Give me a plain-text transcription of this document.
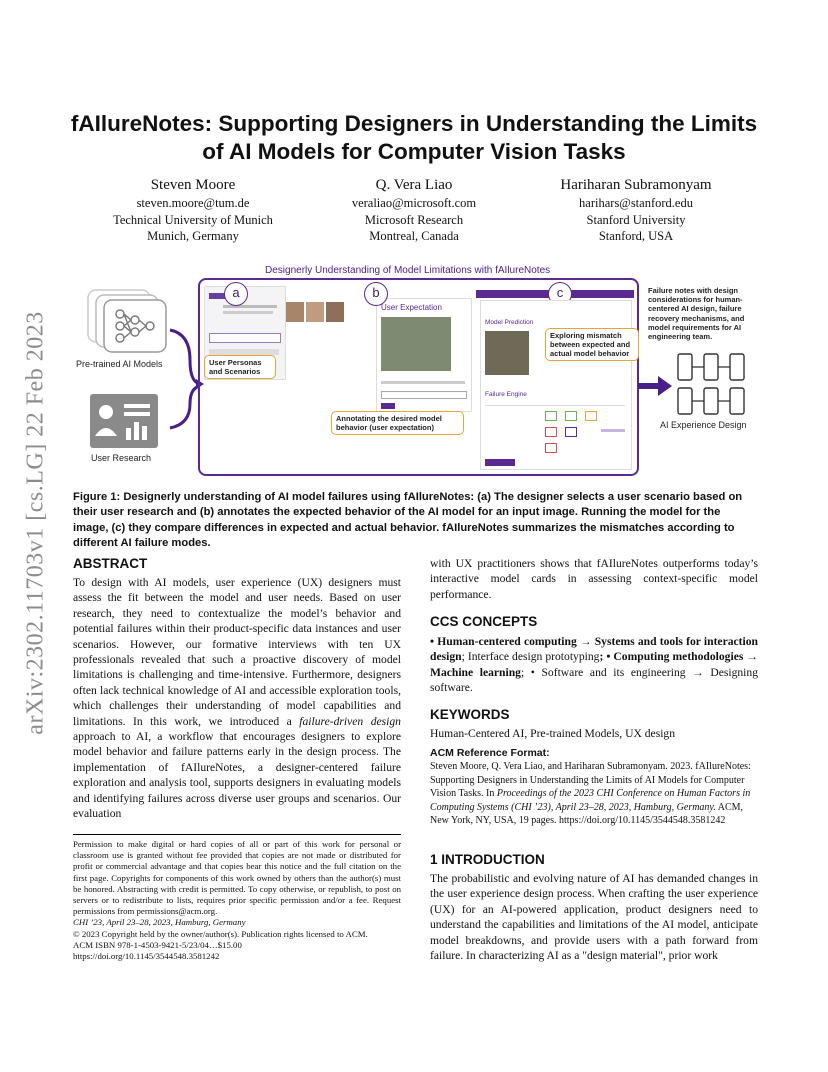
arXiv:2302.11703v1 [cs.LG] 22 Feb 2023
fAIlureNotes: Supporting Designers in Understanding the Limits
of AI Models for Computer Vision Tasks
Steven Moore
steven.moore@tum.de
Technical University of Munich
Munich, Germany
Q. Vera Liao
veraliao@microsoft.com
Microsoft Research
Montreal, Canada
Hariharan Subramonyam
harihars@stanford.edu
Stanford University
Stanford, USA
Designerly Understanding of Model Limitations with fAIlureNotes
Pre-trained AI Models
User Research
a
User Personas and Scenarios
User Expectation
b
Annotating the desired model behavior (user expectation)
c
Model Prediction
Failure Engine
Exploring mismatch between expected and actual model behavior
Failure notes with design considerations for human-centered AI design, failure recovery mechanisms, and model requirements for AI engineering team.
AI Experience Design
Figure 1: Designerly understanding of AI model failures using fAIlureNotes: (a) The designer selects a user scenario based on their user research and (b) annotates the expected behavior of the AI model for an input image. Running the model for the image, (c) they compare differences in expected and actual behavior. fAIlureNotes summarizes the mismatches according to different AI failure modes.
ABSTRACT
To design with AI models, user experience (UX) designers must assess the fit between the model and user needs. Based on user research, they need to contextualize the model’s behavior and potential failures within their product-specific data instances and user scenarios. However, our formative interviews with ten UX professionals revealed that such a proactive discovery of model limitations is challenging and time-intensive. Furthermore, designers often lack technical knowledge of AI and accessible exploration tools, which challenges their understanding of model capabilities and limitations. In this work, we introduced a failure-driven design approach to AI, a workflow that encourages designers to explore model behavior and failure patterns early in the design process. The implementation of fAIlureNotes, a designer-centered failure exploration and analysis tool, supports designers in evaluating models and identifying failures across diverse user groups and scenarios. Our evaluation
Permission to make digital or hard copies of all or part of this work for personal or classroom use is granted without fee provided that copies are not made or distributed for profit or commercial advantage and that copies bear this notice and the full citation on the first page. Copyrights for components of this work owned by others than the author(s) must be honored. Abstracting with credit is permitted. To copy otherwise, or republish, to post on servers or to redistribute to lists, requires prior specific permission and/or a fee. Request permissions from permissions@acm.org.
CHI ’23, April 23–28, 2023, Hamburg, Germany
© 2023 Copyright held by the owner/author(s). Publication rights licensed to ACM.
ACM ISBN 978-1-4503-9421-5/23/04…$15.00
https://doi.org/10.1145/3544548.3581242
with UX practitioners shows that fAIlureNotes outperforms today’s interactive model cards in assessing context-specific model performance.
CCS CONCEPTS
• Human-centered computing → Systems and tools for interaction design; Interface design prototyping; • Computing methodologies → Machine learning; • Software and its engineering → Designing software.
KEYWORDS
Human-Centered AI, Pre-trained Models, UX design
ACM Reference Format:
Steven Moore, Q. Vera Liao, and Hariharan Subramonyam. 2023. fAIlureNotes: Supporting Designers in Understanding the Limits of AI Models for Computer Vision Tasks. In Proceedings of the 2023 CHI Conference on Human Factors in Computing Systems (CHI ’23), April 23–28, 2023, Hamburg, Germany. ACM, New York, NY, USA, 19 pages. https://doi.org/10.1145/3544548.3581242
1 INTRODUCTION
The probabilistic and evolving nature of AI has demanded changes in the user experience design process. When crafting the user experience (UX) for an AI-powered application, product designers need to understand the capabilities and limitations of the AI model, anticipate model breakdowns, and provide users with a path forward from failure. In characterizing AI as a "design material", prior work
